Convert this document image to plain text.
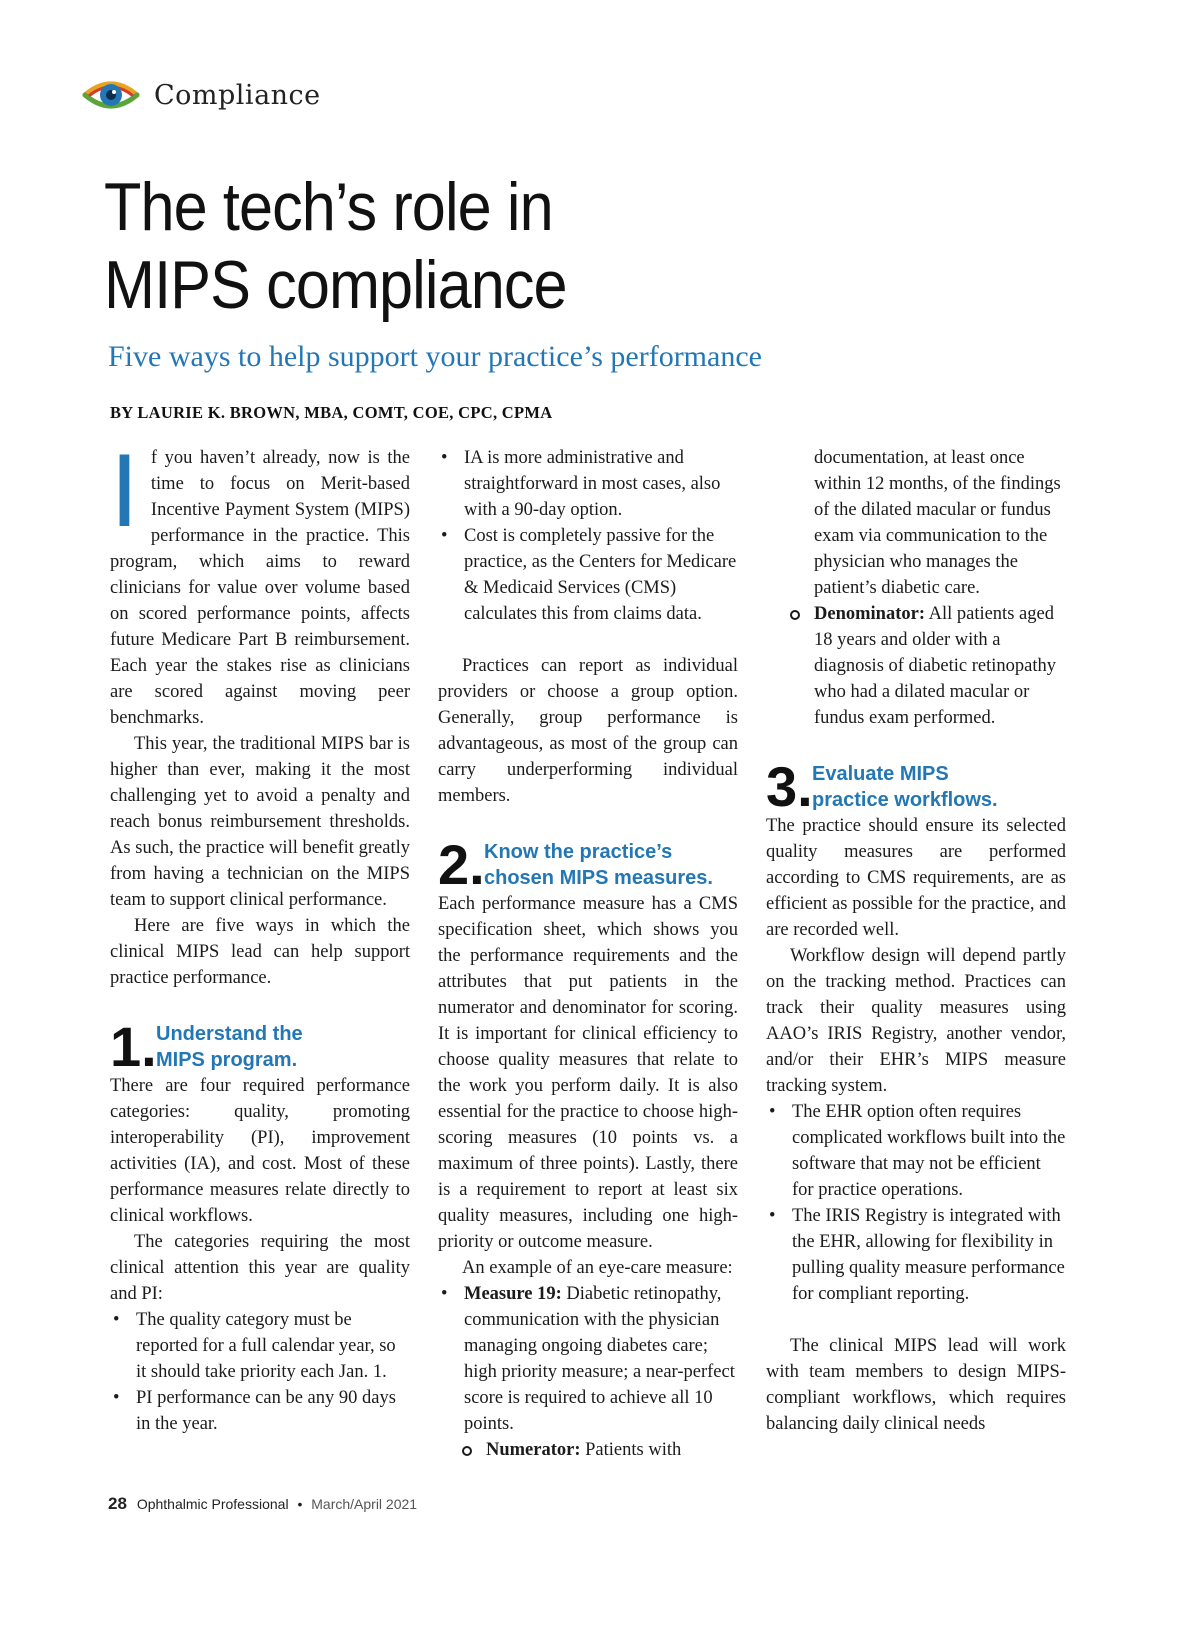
Compliance
The tech’s role in
MIPS compliance
Five ways to help support your practice’s performance
BY LAURIE K. BROWN, MBA, COMT, COE, CPC, CPMA

If you haven’t already, now is the time to focus on Merit-based Incentive Payment System (MIPS) performance in the practice. This program, which aims to reward clinicians for value over volume based on scored performance points, affects future Medicare Part B reimbursement. Each year the stakes rise as clinicians are scored against moving peer benchmarks.

This year, the traditional MIPS bar is higher than ever, making it the most challenging yet to avoid a penalty and reach bonus reimbursement thresholds. As such, the practice will benefit greatly from having a technician on the MIPS team to support clinical performance.

Here are five ways in which the clinical MIPS lead can help support practice performance.

1. Understand the
MIPS program.

There are four required performance categories: quality, promoting interoperability (PI), improvement activities (IA), and cost. Most of these performance measures relate directly to clinical workflows.

The categories requiring the most clinical attention this year are quality and PI:

• The quality category must be reported for a full calendar year, so it should take priority each Jan. 1.
• PI performance can be any 90 days in the year.
• IA is more administrative and straightforward in most cases, also with a 90-day option.
• Cost is completely passive for the practice, as the Centers for Medicare & Medicaid Services (CMS) calculates this from claims data.

Practices can report as individual providers or choose a group option. Generally, group performance is advantageous, as most of the group can carry underperforming individual members.

2. Know the practice’s
chosen MIPS measures.

Each performance measure has a CMS specification sheet, which shows you the performance requirements and the attributes that put patients in the numerator and denominator for scoring. It is important for clinical efficiency to choose quality measures that relate to the work you perform daily. It is also essential for the practice to choose high-scoring measures (10 points vs. a maximum of three points). Lastly, there is a requirement to report at least six quality measures, including one high-priority or outcome measure.

An example of an eye-care measure:

• Measure 19: Diabetic retinopathy, communication with the physician managing ongoing diabetes care; high priority measure; a near-perfect score is required to achieve all 10 points.
Numerator: Patients with
documentation, at least once within 12 months, of the findings of the dilated macular or fundus exam via communication to the physician who manages the patient’s diabetic care.
Denominator: All patients aged 18 years and older with a diagnosis of diabetic retinopathy who had a dilated macular or fundus exam performed.
3. Evaluate MIPS
practice workflows.

The practice should ensure its selected quality measures are performed according to CMS requirements, are as efficient as possible for the practice, and are recorded well.

Workflow design will depend partly on the tracking method. Practices can track their quality measures using AAO’s IRIS Registry, another vendor, and/or their EHR’s MIPS measure tracking system.

• The EHR option often requires complicated workflows built into the software that may not be efficient for practice operations.
• The IRIS Registry is integrated with the EHR, allowing for flexibility in pulling quality measure performance for compliant reporting.

The clinical MIPS lead will work with team members to design MIPS-compliant workflows, which requires balancing daily clinical needs

28 Ophthalmic Professional • March/April 2021
